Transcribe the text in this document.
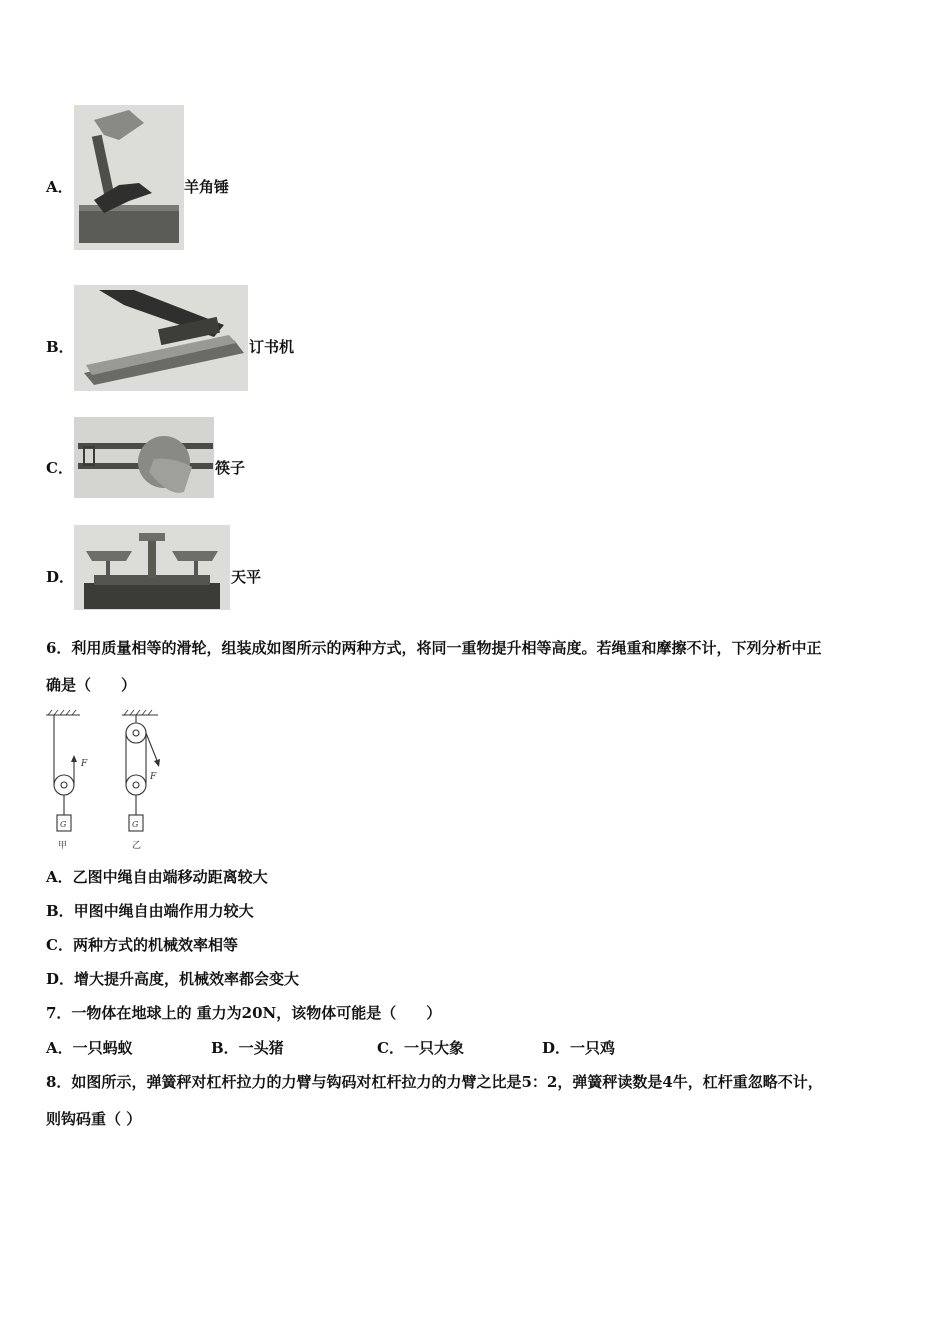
A．	羊角锤
B．	订书机
C．	筷子
D．	天平
6．利用质量相等的滑轮，组装成如图所示的两种方式，将同一重物提升相等高度。若绳重和摩擦不计，下列分析中正
确是（　　）
F
G
甲
F
G
乙
A．乙图中绳自由端移动距离较大
B．甲图中绳自由端作用力较大
C．两种方式的机械效率相等
D．增大提升高度，机械效率都会变大
7．一物体在地球上的 重力为20N，该物体可能是（　　）
A．一只蚂蚁	B．一头猪	C．一只大象	D．一只鸡
8．如图所示，弹簧秤对杠杆拉力的力臂与钩码对杠杆拉力的力臂之比是5：2，弹簧秤读数是4牛，杠杆重忽略不计，
则钩码重（ ）
